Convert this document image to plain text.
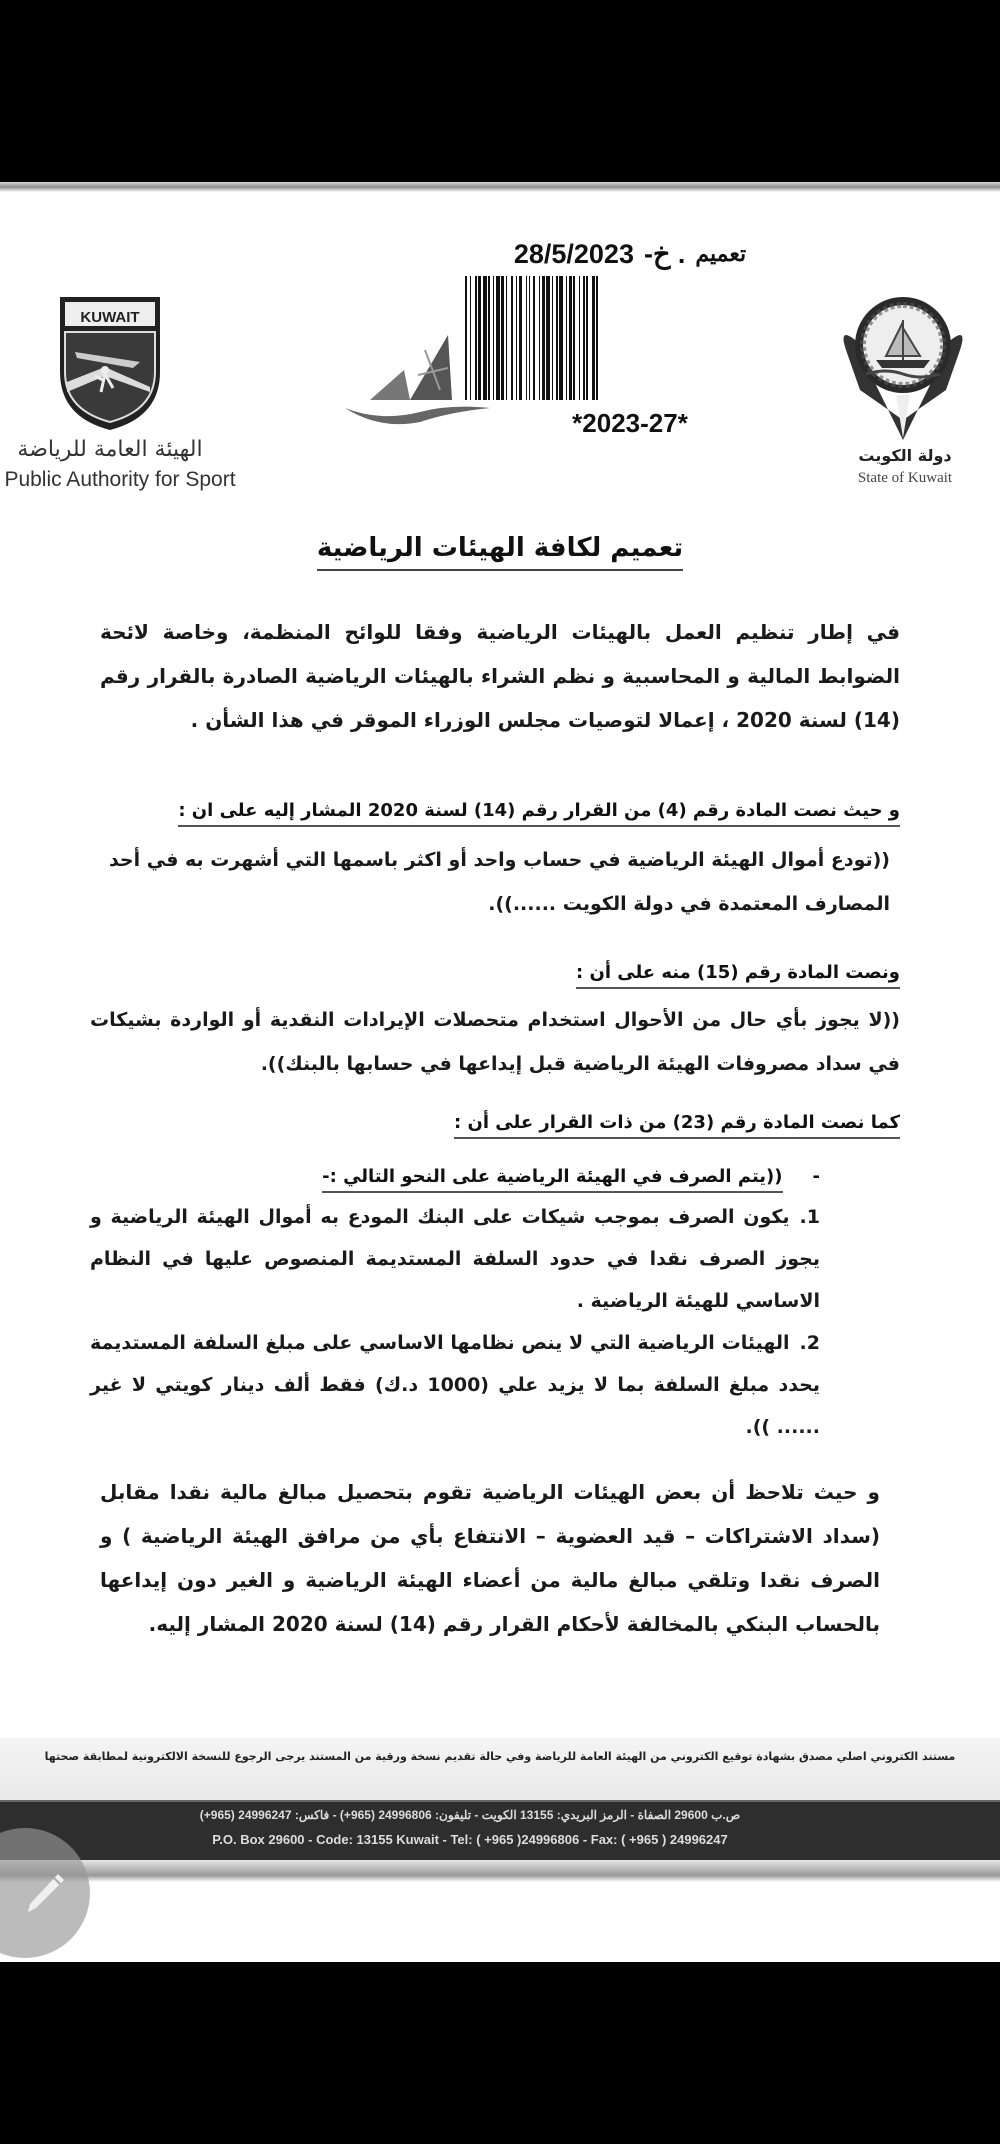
تعميم
. خ-
28/5/2023
*2023-27*
KUWAIT
الهيئة العامة للرياضة
Public Authority for Sport
دولة الكويت
State of Kuwait
تعميم لكافة الهيئات الرياضية
في إطار تنظيم العمل بالهيئات الرياضية وفقا للوائح المنظمة، وخاصة لائحة الضوابط المالية و المحاسبية و نظم الشراء بالهيئات الرياضية الصادرة بالقرار رقم (14) لسنة 2020 ، إعمالا لتوصيات مجلس الوزراء الموقر في هذا الشأن .
و حيث نصت المادة رقم (4) من القرار رقم (14) لسنة 2020 المشار إليه على ان :
((تودع أموال الهيئة الرياضية في حساب واحد أو اكثر باسمها التي أشهرت به في أحد المصارف المعتمدة في دولة الكويت ......)).
ونصت المادة رقم (15) منه على أن :
((لا يجوز بأي حال من الأحوال استخدام متحصلات الإيرادات النقدية أو الواردة بشيكات في سداد مصروفات الهيئة الرياضية قبل إيداعها في حسابها بالبنك)).
كما نصت المادة رقم (23) من ذات القرار على أن :
-((يتم الصرف في الهيئة الرياضية على النحو التالي :-
1.يكون الصرف بموجب شيكات على البنك المودع به أموال الهيئة الرياضية و يجوز الصرف نقدا في حدود السلفة المستديمة المنصوص عليها في النظام الاساسي للهيئة الرياضية .
2.الهيئات الرياضية التي لا ينص نظامها الاساسي على مبلغ السلفة المستديمة يحدد مبلغ السلفة بما لا يزيد علي (1000 د.ك) فقط ألف دينار كويتي لا غير ...... )).
و حيث تلاحظ أن بعض الهيئات الرياضية تقوم بتحصيل مبالغ مالية نقدا مقابل (سداد الاشتراكات – قيد العضوية – الانتفاع بأي من مرافق الهيئة الرياضية ) و الصرف نقدا وتلقي مبالغ مالية من أعضاء الهيئة الرياضية و الغير دون إيداعها بالحساب البنكي بالمخالفة لأحكام القرار رقم (14) لسنة 2020 المشار إليه.
مستند الكتروني اصلي مصدق بشهادة توقيع الكتروني من الهيئة العامة للرياضة وفي حالة تقديم نسخة ورقية من المستند يرجى الرجوع للنسخة الالكترونية لمطابقة صحتها
ص.ب 29600 الصفاة - الرمز البريدي: 13155 الكويت - تليفون: 24996806 (965+) - فاكس: 24996247 (965+)
P.O. Box 29600 - Code: 13155 Kuwait - Tel: ( +965 )24996806 - Fax: ( +965 ) 24996247
